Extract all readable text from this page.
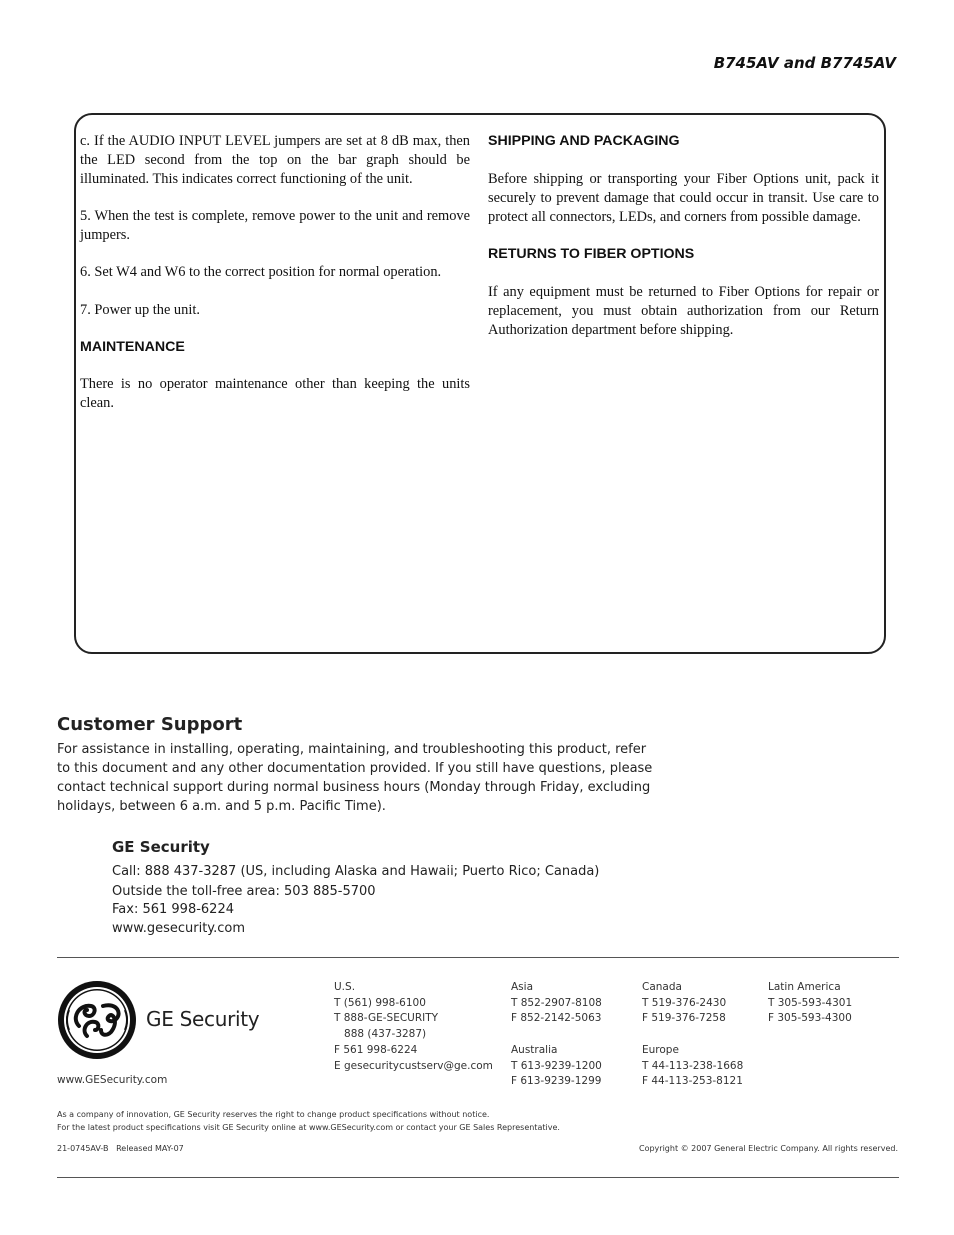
B745AV and B7745AV

c. If the AUDIO INPUT LEVEL jumpers are set at 8 dB max, then the LED second from the top on the bar graph should be illuminated. This indicates correct functioning of the unit.

5. When the test is complete, remove power to the unit and remove jumpers.

6. Set W4 and W6 to the correct position for normal operation.

7. Power up the unit.

MAINTENANCE

There is no operator maintenance other than keeping the units clean.

SHIPPING AND PACKAGING

Before shipping or transporting your Fiber Options unit, pack it securely to prevent damage that could occur in transit. Use care to protect all connectors, LEDs, and corners from possible damage.

RETURNS TO FIBER OPTIONS

If any equipment must be returned to Fiber Options for repair or replacement, you must obtain authorization from our Return Authorization department before shipping.

Customer Support
For assistance in installing, operating, maintaining, and troubleshooting this product, refer to this document and any other documentation provided. If you still have questions, please contact technical support during normal business hours (Monday through Friday, excluding holidays, between 6 a.m. and 5 p.m. Pacific Time).
GE Security
Call: 888 437-3287 (US, including Alaska and Hawaii; Puerto Rico; Canada)
Outside the toll-free area: 503 885-5700
Fax: 561 998-6224
www.gesecurity.com
GE Security
www.GESecurity.com
U.S.
T (561) 998-6100
T 888-GE-SECURITY
888 (437-3287)
F 561 998-6224
E gesecuritycustserv@ge.com
Asia
T 852-2907-8108
F 852-2142-5063
Australia
T 613-9239-1200
F 613-9239-1299
Canada
T 519-376-2430
F 519-376-7258
Europe
T 44-113-238-1668
F 44-113-253-8121
Latin America
T 305-593-4301
F 305-593-4300
As a company of innovation, GE Security reserves the right to change product specifications without notice.
For the latest product specifications visit GE Security online at www.GESecurity.com or contact your GE Sales Representative.
21-0745AV-B   Released MAY-07	Copyright © 2007 General Electric Company. All rights reserved.
